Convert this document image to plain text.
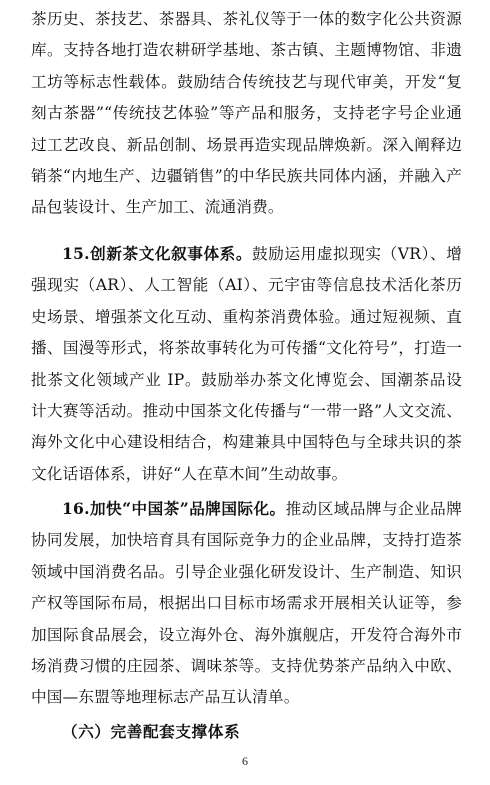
茶历史、茶技艺、茶器具、茶礼仪等于一体的数字化公共资源库。支持各地打造农耕研学基地、茶古镇、主题博物馆、非遗工坊等标志性载体。鼓励结合传统技艺与现代审美，开发“复刻古茶器”“传统技艺体验”等产品和服务，支持老字号企业通过工艺改良、新品创制、场景再造实现品牌焕新。深入阐释边销茶“内地生产、边疆销售”的中华民族共同体内涵，并融入产品包装设计、生产加工、流通消费。

15.创新茶文化叙事体系。鼓励运用虚拟现实（VR）、增强现实（AR）、人工智能（AI）、元宇宙等信息技术活化茶历史场景、增强茶文化互动、重构茶消费体验。通过短视频、直播、国漫等形式，将茶故事转化为可传播“文化符号”，打造一批茶文化领域产业 IP。鼓励举办茶文化博览会、国潮茶品设计大赛等活动。推动中国茶文化传播与“一带一路”人文交流、海外文化中心建设相结合，构建兼具中国特色与全球共识的茶文化话语体系，讲好“人在草木间”生动故事。

16.加快“中国茶”品牌国际化。推动区域品牌与企业品牌协同发展，加快培育具有国际竞争力的企业品牌，支持打造茶领域中国消费名品。引导企业强化研发设计、生产制造、知识产权等国际布局，根据出口目标市场需求开展相关认证等，参加国际食品展会，设立海外仓、海外旗舰店，开发符合海外市场消费习惯的庄园茶、调味茶等。支持优势茶产品纳入中欧、中国—东盟等地理标志产品互认清单。

（六）完善配套支撑体系

6
